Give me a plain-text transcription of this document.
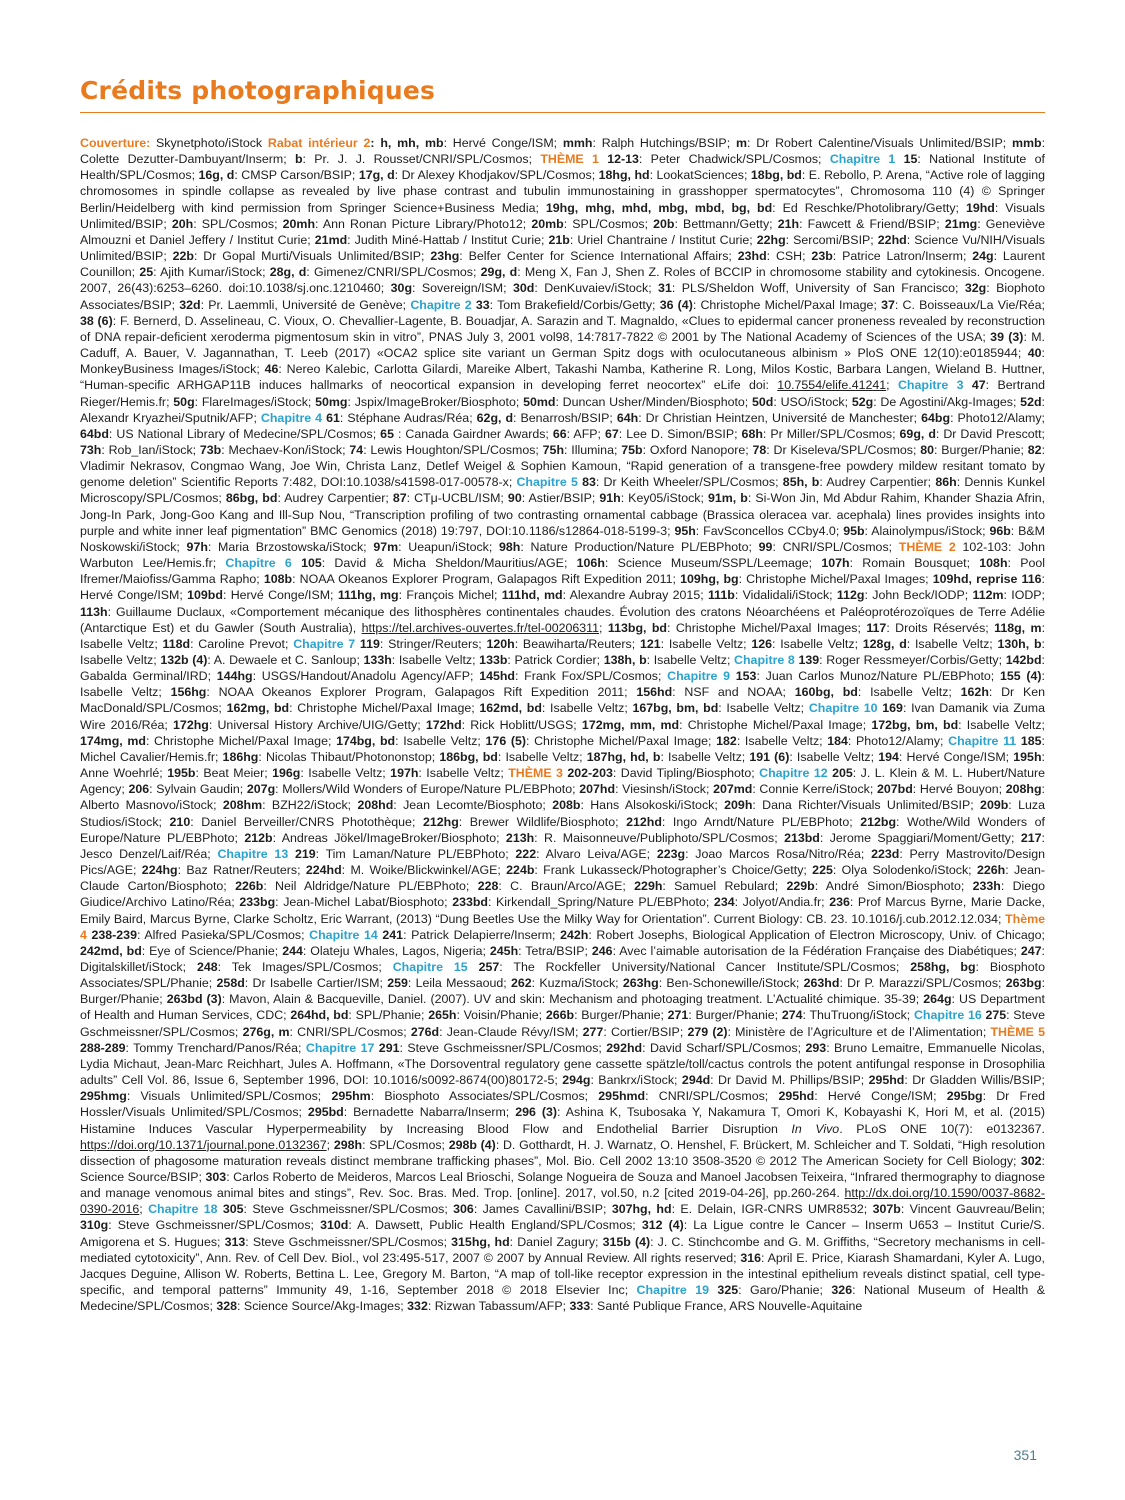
Crédits photographiques

Couverture: Skynetphoto/iStock Rabat intérieur 2: h, mh, mb: Hervé Conge/ISM; mmh: Ralph Hutchings/BSIP; m: Dr Robert Calentine/Visuals Unlimited/BSIP; mmb: Colette Dezutter-Dambuyant/Inserm; b: Pr. J. J. Rousset/CNRI/SPL/Cosmos; THÈME 1 12-13: Peter Chadwick/SPL/Cosmos; Chapitre 1 15: National Institute of Health/SPL/Cosmos; 16g, d: CMSP Carson/BSIP; 17g, d: Dr Alexey Khodjakov/SPL/Cosmos; 18hg, hd: LookatSciences; 18bg, bd: E. Rebollo, P. Arena, “Active role of lagging chromosomes in spindle collapse as revealed by live phase contrast and tubulin immunostaining in grasshopper spermatocytes”, Chromosoma 110 (4) © Springer Berlin/Heidelberg with kind permission from Springer Science+Business Media; 19hg, mhg, mhd, mbg, mbd, bg, bd: Ed Reschke/Photolibrary/Getty; 19hd: Visuals Unlimited/BSIP; 20h: SPL/Cosmos; 20mh: Ann Ronan Picture Library/Photo12; 20mb: SPL/Cosmos; 20b: Bettmann/Getty; 21h: Fawcett & Friend/BSIP; 21mg: Geneviève Almouzni et Daniel Jeffery / Institut Curie; 21md: Judith Miné-Hattab / Institut Curie; 21b: Uriel Chantraine / Institut Curie; 22hg: Sercomi/BSIP; 22hd: Science Vu/NIH/Visuals Unlimited/BSIP; 22b: Dr Gopal Murti/Visuals Unlimited/BSIP; 23hg: Belfer Center for Science International Affairs; 23hd: CSH; 23b: Patrice Latron/Inserm; 24g: Laurent Counillon; 25: Ajith Kumar/iStock; 28g, d: Gimenez/CNRI/SPL/Cosmos; 29g, d: Meng X, Fan J, Shen Z. Roles of BCCIP in chromosome stability and cytokinesis. Oncogene. 2007, 26(43):6253–6260. doi:10.1038/sj.onc.1210460; 30g: Sovereign/ISM; 30d: DenKuvaiev/iStock; 31: PLS/Sheldon Woff, University of San Francisco; 32g: Biophoto Associates/BSIP; 32d: Pr. Laemmli, Université de Genève; Chapitre 2 33: Tom Brakefield/Corbis/Getty; 36 (4): Christophe Michel/Paxal Image; 37: C. Boisseaux/La Vie/Réa; 38 (6): F. Bernerd, D. Asselineau, C. Vioux, O. Chevallier-Lagente, B. Bouadjar, A. Sarazin and T. Magnaldo, «Clues to epidermal cancer proneness revealed by reconstruction of DNA repair-deficient xeroderma pigmentosum skin in vitro”, PNAS July 3, 2001 vol98, 14:7817-7822 © 2001 by The National Academy of Sciences of the USA; 39 (3): M. Caduff, A. Bauer, V. Jagannathan, T. Leeb (2017) «OCA2 splice site variant un German Spitz dogs with oculocutaneous albinism » PloS ONE 12(10):e0185944; 40: MonkeyBusiness Images/iStock; 46: Nereo Kalebic, Carlotta Gilardi, Mareike Albert, Takashi Namba, Katherine R. Long, Milos Kostic, Barbara Langen, Wieland B. Huttner, “Human-specific ARHGAP11B induces hallmarks of neocortical expansion in developing ferret neocortex” eLife doi: 10.7554/elife.41241; Chapitre 3 47: Bertrand Rieger/Hemis.fr; 50g: FlareImages/iStock; 50mg: Jspix/ImageBroker/Biosphoto; 50md: Duncan Usher/Minden/Biosphoto; 50d: USO/iStock; 52g: De Agostini/Akg-Images; 52d: Alexandr Kryazhei/Sputnik/AFP; Chapitre 4 61: Stéphane Audras/Réa; 62g, d: Benarrosh/BSIP; 64h: Dr Christian Heintzen, Université de Manchester; 64bg: Photo12/Alamy; 64bd: US National Library of Medecine/SPL/Cosmos; 65 : Canada Gairdner Awards; 66: AFP; 67: Lee D. Simon/BSIP; 68h: Pr Miller/SPL/Cosmos; 69g, d: Dr David Prescott; 73h: Rob_Ian/iStock; 73b: Mechaev-Kon/iStock; 74: Lewis Houghton/SPL/Cosmos; 75h: Illumina; 75b: Oxford Nanopore; 78: Dr Kiseleva/SPL/Cosmos; 80: Burger/Phanie; 82: Vladimir Nekrasov, Congmao Wang, Joe Win, Christa Lanz, Detlef Weigel & Sophien Kamoun, “Rapid generation of a transgene-free powdery mildew resitant tomato by genome deletion” Scientific Reports 7:482, DOI:10.1038/s41598-017-00578-x; Chapitre 5 83: Dr Keith Wheeler/SPL/Cosmos; 85h, b: Audrey Carpentier; 86h: Dennis Kunkel Microscopy/SPL/Cosmos; 86bg, bd: Audrey Carpentier; 87: CTμ-UCBL/ISM; 90: Astier/BSIP; 91h: Key05/iStock; 91m, b: Si-Won Jin, Md Abdur Rahim, Khander Shazia Afrin, Jong-In Park, Jong-Goo Kang and Ill-Sup Nou, “Transcription profiling of two contrasting ornamental cabbage (Brassica oleracea var. acephala) lines provides insights into purple and white inner leaf pigmentation” BMC Genomics (2018) 19:797, DOI:10.1186/s12864-018-5199-3; 95h: FavSconcellos CCby4.0; 95b: Alainolympus/iStock; 96b: B&M Noskowski/iStock; 97h: Maria Brzostowska/iStock; 97m: Ueapun/iStock; 98h: Nature Production/Nature PL/EBPhoto; 99: CNRI/SPL/Cosmos; THÈME 2 102-103: John Warbuton Lee/Hemis.fr; Chapitre 6 105: David & Micha Sheldon/Mauritius/AGE; 106h: Science Museum/SSPL/Leemage; 107h: Romain Bousquet; 108h: Pool Ifremer/Maiofiss/Gamma Rapho; 108b: NOAA Okeanos Explorer Program, Galapagos Rift Expedition 2011; 109hg, bg: Christophe Michel/Paxal Images; 109hd, reprise 116: Hervé Conge/ISM; 109bd: Hervé Conge/ISM; 111hg, mg: François Michel; 111hd, md: Alexandre Aubray 2015; 111b: Vidalidali/iStock; 112g: John Beck/IODP; 112m: IODP; 113h: Guillaume Duclaux, «Comportement mécanique des lithosphères continentales chaudes. Évolution des cratons Néoarchéens et Paléoprotérozoïques de Terre Adélie (Antarctique Est) et du Gawler (South Australia), https://tel.archives-ouvertes.fr/tel-00206311; 113bg, bd: Christophe Michel/Paxal Images; 117: Droits Réservés; 118g, m: Isabelle Veltz; 118d: Caroline Prevot; Chapitre 7 119: Stringer/Reuters; 120h: Beawiharta/Reuters; 121: Isabelle Veltz; 126: Isabelle Veltz; 128g, d: Isabelle Veltz; 130h, b: Isabelle Veltz; 132b (4): A. Dewaele et C. Sanloup; 133h: Isabelle Veltz; 133b: Patrick Cordier; 138h, b: Isabelle Veltz; Chapitre 8 139: Roger Ressmeyer/Corbis/Getty; 142bd: Gabalda Germinal/IRD; 144hg: USGS/Handout/Anadolu Agency/AFP; 145hd: Frank Fox/SPL/Cosmos; Chapitre 9 153: Juan Carlos Munoz/Nature PL/EBPhoto; 155 (4): Isabelle Veltz; 156hg: NOAA Okeanos Explorer Program, Galapagos Rift Expedition 2011; 156hd: NSF and NOAA; 160bg, bd: Isabelle Veltz; 162h: Dr Ken MacDonald/SPL/Cosmos; 162mg, bd: Christophe Michel/Paxal Image; 162md, bd: Isabelle Veltz; 167bg, bm, bd: Isabelle Veltz; Chapitre 10 169: Ivan Damanik via Zuma Wire 2016/Réa; 172hg: Universal History Archive/UIG/Getty; 172hd: Rick Hoblitt/USGS; 172mg, mm, md: Christophe Michel/Paxal Image; 172bg, bm, bd: Isabelle Veltz; 174mg, md: Christophe Michel/Paxal Image; 174bg, bd: Isabelle Veltz; 176 (5): Christophe Michel/Paxal Image; 182: Isabelle Veltz; 184: Photo12/Alamy; Chapitre 11 185: Michel Cavalier/Hemis.fr; 186hg: Nicolas Thibaut/Photononstop; 186bg, bd: Isabelle Veltz; 187hg, hd, b: Isabelle Veltz; 191 (6): Isabelle Veltz; 194: Hervé Conge/ISM; 195h: Anne Woehrlé; 195b: Beat Meier; 196g: Isabelle Veltz; 197h: Isabelle Veltz; THÈME 3 202-203: David Tipling/Biosphoto; Chapitre 12 205: J. L. Klein & M. L. Hubert/Nature Agency; 206: Sylvain Gaudin; 207g: Mollers/Wild Wonders of Europe/Nature PL/EBPhoto; 207hd: Viesinsh/iStock; 207md: Connie Kerre/iStock; 207bd: Hervé Bouyon; 208hg: Alberto Masnovo/iStock; 208hm: BZH22/iStock; 208hd: Jean Lecomte/Biosphoto; 208b: Hans Alsokoski/iStock; 209h: Dana Richter/Visuals Unlimited/BSIP; 209b: Luza Studios/iStock; 210: Daniel Berveiller/CNRS Photothèque; 212hg: Brewer Wildlife/Biosphoto; 212hd: Ingo Arndt/Nature PL/EBPhoto; 212bg: Wothe/Wild Wonders of Europe/Nature PL/EBPhoto; 212b: Andreas Jökel/ImageBroker/Biosphoto; 213h: R. Maisonneuve/Publiphoto/SPL/Cosmos; 213bd: Jerome Spaggiari/Moment/Getty; 217: Jesco Denzel/Laif/Réa; Chapitre 13 219: Tim Laman/Nature PL/EBPhoto; 222: Alvaro Leiva/AGE; 223g: Joao Marcos Rosa/Nitro/Réa; 223d: Perry Mastrovito/Design Pics/AGE; 224hg: Baz Ratner/Reuters; 224hd: M. Woike/Blickwinkel/AGE; 224b: Frank Lukasseck/Photographer’s Choice/Getty; 225: Olya Solodenko/iStock; 226h: Jean-Claude Carton/Biosphoto; 226b: Neil Aldridge/Nature PL/EBPhoto; 228: C. Braun/Arco/AGE; 229h: Samuel Rebulard; 229b: André Simon/Biosphoto; 233h: Diego Giudice/Archivo Latino/Réa; 233bg: Jean-Michel Labat/Biosphoto; 233bd: Kirkendall_Spring/Nature PL/EBPhoto; 234: Jolyot/Andia.fr; 236: Prof Marcus Byrne, Marie Dacke, Emily Baird, Marcus Byrne, Clarke Scholtz, Eric Warrant, (2013) “Dung Beetles Use the Milky Way for Orientation”. Current Biology: CB. 23. 10.1016/j.cub.2012.12.034; Thème 4 238-239: Alfred Pasieka/SPL/Cosmos; Chapitre 14 241: Patrick Delapierre/Inserm; 242h: Robert Josephs, Biological Application of Electron Microscopy, Univ. of Chicago; 242md, bd: Eye of Science/Phanie; 244: Olateju Whales, Lagos, Nigeria; 245h: Tetra/BSIP; 246: Avec l’aimable autorisation de la Fédération Française des Diabétiques; 247: Digitalskillet/iStock; 248: Tek Images/SPL/Cosmos; Chapitre 15 257: The Rockfeller University/National Cancer Institute/SPL/Cosmos; 258hg, bg: Biosphoto Associates/SPL/Phanie; 258d: Dr Isabelle Cartier/ISM; 259: Leila Messaoud; 262: Kuzma/iStock; 263hg: Ben-Schonewille/iStock; 263hd: Dr P. Marazzi/SPL/Cosmos; 263bg: Burger/Phanie; 263bd (3): Mavon, Alain & Bacqueville, Daniel. (2007). UV and skin: Mechanism and photoaging treatment. L’Actualité chimique. 35-39; 264g: US Department of Health and Human Services, CDC; 264hd, bd: SPL/Phanie; 265h: Voisin/Phanie; 266b: Burger/Phanie; 271: Burger/Phanie; 274: ThuTruong/iStock; Chapitre 16 275: Steve Gschmeissner/SPL/Cosmos; 276g, m: CNRI/SPL/Cosmos; 276d: Jean-Claude Révy/ISM; 277: Cortier/BSIP; 279 (2): Ministère de l’Agriculture et de l’Alimentation; THÈME 5 288-289: Tommy Trenchard/Panos/Réa; Chapitre 17 291: Steve Gschmeissner/SPL/Cosmos; 292hd: David Scharf/SPL/Cosmos; 293: Bruno Lemaitre, Emmanuelle Nicolas, Lydia Michaut, Jean-Marc Reichhart, Jules A. Hoffmann, «The Dorsoventral regulatory gene cassette spätzle/toll/cactus controls the potent antifungal response in Drosophilia adults” Cell Vol. 86, Issue 6, September 1996, DOI: 10.1016/s0092-8674(00)80172-5; 294g: Bankrx/iStock; 294d: Dr David M. Phillips/BSIP; 295hd: Dr Gladden Willis/BSIP; 295hmg: Visuals Unlimited/SPL/Cosmos; 295hm: Biosphoto Associates/SPL/Cosmos; 295hmd: CNRI/SPL/Cosmos; 295hd: Hervé Conge/ISM; 295bg: Dr Fred Hossler/Visuals Unlimited/SPL/Cosmos; 295bd: Bernadette Nabarra/Inserm; 296 (3): Ashina K, Tsubosaka Y, Nakamura T, Omori K, Kobayashi K, Hori M, et al. (2015) Histamine Induces Vascular Hyperpermeability by Increasing Blood Flow and Endothelial Barrier Disruption In Vivo. PLoS ONE 10(7): e0132367. https://doi.org/10.1371/journal.pone.0132367; 298h: SPL/Cosmos; 298b (4): D. Gotthardt, H. J. Warnatz, O. Henshel, F. Brückert, M. Schleicher and T. Soldati, “High resolution dissection of phagosome maturation reveals distinct membrane trafficking phases”, Mol. Bio. Cell 2002 13:10 3508-3520 © 2012 The American Society for Cell Biology; 302: Science Source/BSIP; 303: Carlos Roberto de Meideros, Marcos Leal Brioschi, Solange Nogueira de Souza and Manoel Jacobsen Teixeira, “Infrared thermography to diagnose and manage venomous animal bites and stings”, Rev. Soc. Bras. Med. Trop. [online]. 2017, vol.50, n.2 [cited 2019-04-26], pp.260-264. http://dx.doi.org/10.1590/0037-8682-0390-2016; Chapitre 18 305: Steve Gschmeissner/SPL/Cosmos; 306: James Cavallini/BSIP; 307hg, hd: E. Delain, IGR-CNRS UMR8532; 307b: Vincent Gauvreau/Belin; 310g: Steve Gschmeissner/SPL/Cosmos; 310d: A. Dawsett, Public Health England/SPL/Cosmos; 312 (4): La Ligue contre le Cancer – Inserm U653 – Institut Curie/S. Amigorena et S. Hugues; 313: Steve Gschmeissner/SPL/Cosmos; 315hg, hd: Daniel Zagury; 315b (4): J. C. Stinchcombe and G. M. Griffiths, “Secretory mechanisms in cell-mediated cytotoxicity”, Ann. Rev. of Cell Dev. Biol., vol 23:495-517, 2007 © 2007 by Annual Review. All rights reserved; 316: April E. Price, Kiarash Shamardani, Kyler A. Lugo, Jacques Deguine, Allison W. Roberts, Bettina L. Lee, Gregory M. Barton, “A map of toll-like receptor expression in the intestinal epithelium reveals distinct spatial, cell type-specific, and temporal patterns” Immunity 49, 1-16, September 2018 © 2018 Elsevier Inc; Chapitre 19 325: Garo/Phanie; 326: National Museum of Health & Medecine/SPL/Cosmos; 328: Science Source/Akg-Images; 332: Rizwan Tabassum/AFP; 333: Santé Publique France, ARS Nouvelle-Aquitaine

351
